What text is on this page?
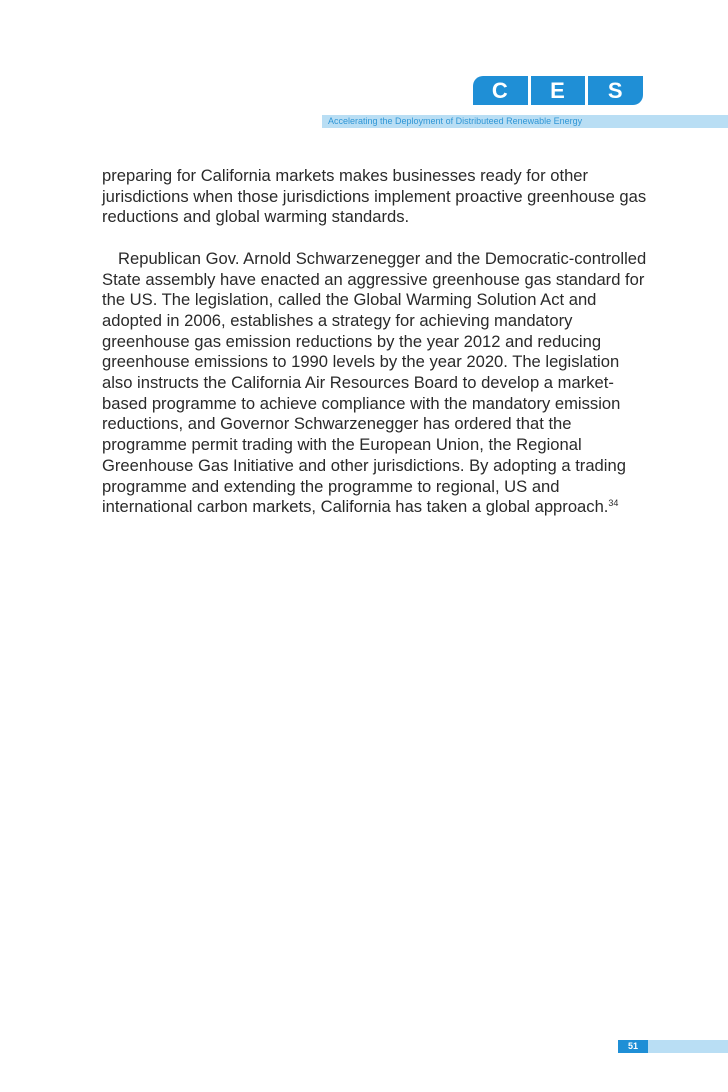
C	E	S
Accelerating the Deployment of Distributeed Renewable Energy

preparing for California markets makes businesses ready for other jurisdictions when those jurisdictions implement proactive greenhouse gas reductions and global warming standards.

Republican Gov. Arnold Schwarzenegger and the Democratic-controlled State assembly have enacted an aggressive greenhouse gas standard for the US. The legislation, called the Global Warming Solution Act and adopted in 2006, establishes a strategy for achieving mandatory greenhouse gas emission reductions by the year 2012 and reducing greenhouse emissions to 1990 levels by the year 2020. The legislation also instructs the California Air Resources Board to develop a market-based programme to achieve compliance with the mandatory emission reductions, and Governor Schwarzenegger has ordered that the programme permit trading with the European Union, the Regional Greenhouse Gas Initiative and other jurisdictions. By adopting a trading programme and extending the programme to regional, US and international carbon markets, California has taken a global approach.$^{34}$

51
